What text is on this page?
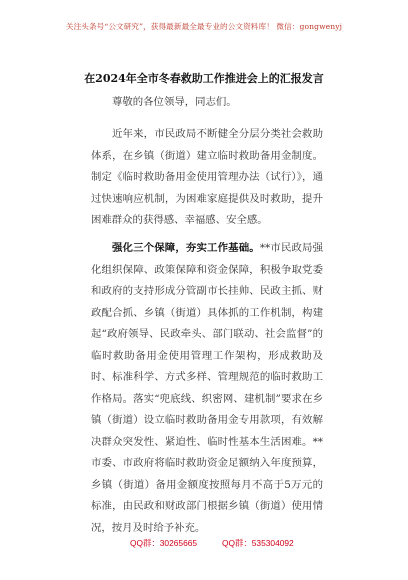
关注头条号“公文研究”，获得最新最全最专业的公文资料库！ 微信：gongwenyj
在2024年全市冬春救助工作推进会上的汇报发言

尊敬的各位领导，同志们。

近年来，市民政局不断健全分层分类社会救助体系，在乡镇（街道）建立临时救助备用金制度。制定《临时救助备用金使用管理办法（试行）》，通过快速响应机制，为困难家庭提供及时救助，提升困难群众的获得感、幸福感、安全感。

强化三个保障，夯实工作基础。**市民政局强化组织保障、政策保障和资金保障，积极争取党委和政府的支持形成分管副市长挂帅、民政主抓、财政配合抓、乡镇（街道）具体抓的工作机制，构建起“政府领导、民政牵头、部门联动、社会监督”的临时救助备用金使用管理工作架构，形成救助及时、标准科学、方式多样、管理规范的临时救助工作格局。落实“兜底线、织密网、建机制”要求在乡镇（街道）设立临时救助备用金专用款项，有效解决群众突发性、紧迫性、临时性基本生活困难。**市委、市政府将临时救助资金足额纳入年度预算，乡镇（街道）备用金额度按照每月不高于5万元的标准，由民政和财政部门根据乡镇（街道）使用情况，按月及时给予补充。

QQ群：30265665	QQ群：535304092
